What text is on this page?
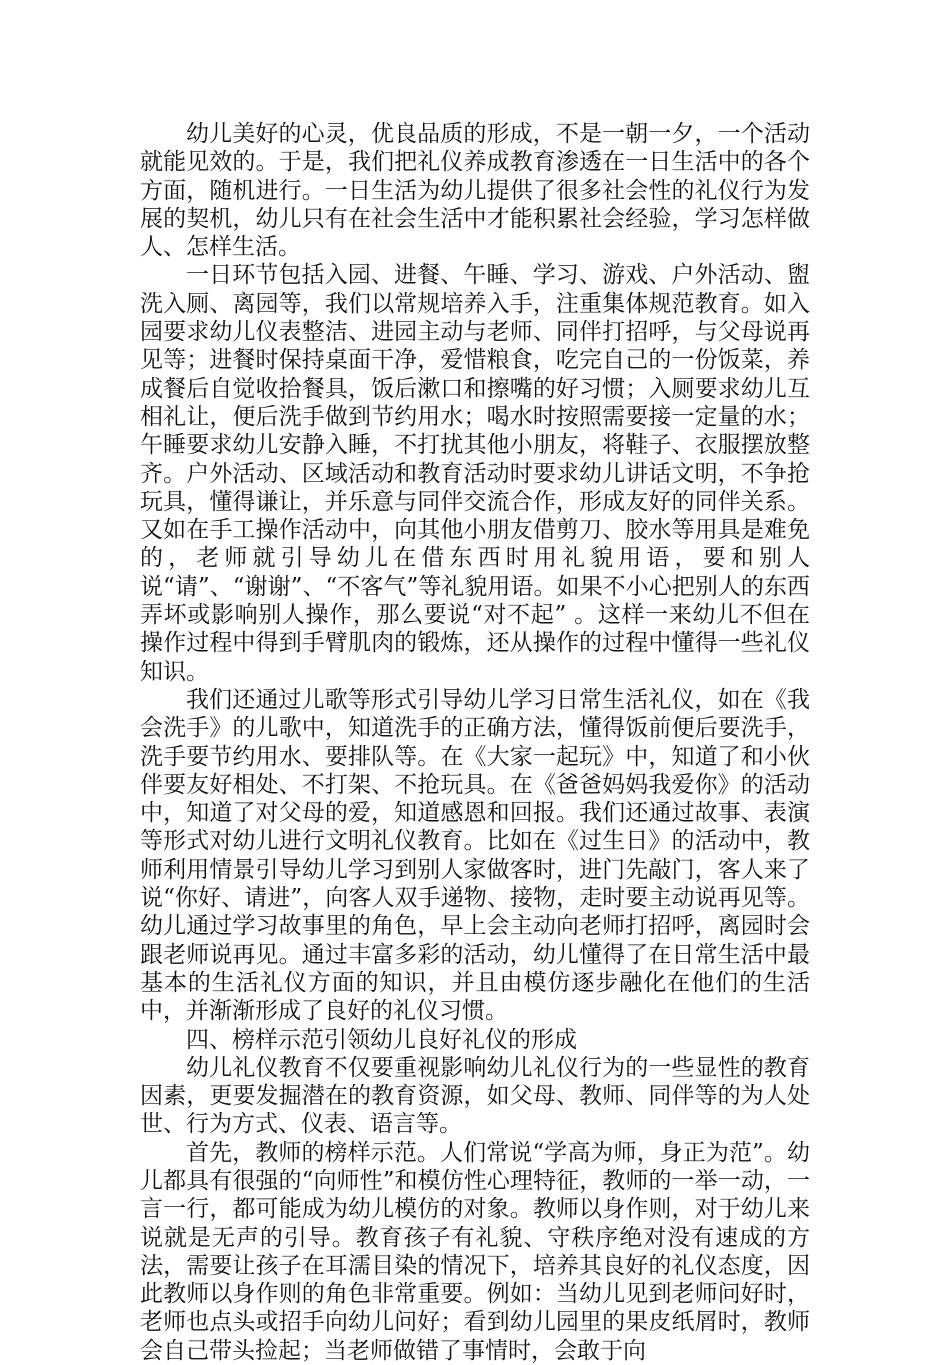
幼儿美好的心灵，优良品质的形成，不是一朝一夕，一个活动就能见效的。于是，我们把礼仪养成教育渗透在一日生活中的各个方面，随机进行。一日生活为幼儿提供了很多社会性的礼仪行为发展的契机，幼儿只有在社会生活中才能积累社会经验，学习怎样做人、怎样生活。

一日环节包括入园、进餐、午睡、学习、游戏、户外活动、盥洗入厕、离园等，我们以常规培养入手，注重集体规范教育。如入园要求幼儿仪表整洁、进园主动与老师、同伴打招呼，与父母说再见等；进餐时保持桌面干净，爱惜粮食，吃完自己的一份饭菜，养成餐后自觉收拾餐具，饭后漱口和擦嘴的好习惯；入厕要求幼儿互相礼让，便后洗手做到节约用水；喝水时按照需要接一定量的水；午睡要求幼儿安静入睡，不打扰其他小朋友，将鞋子、衣服摆放整齐。户外活动、区域活动和教育活动时要求幼儿讲话文明，不争抢玩具，懂得谦让，并乐意与同伴交流合作，形成友好的同伴关系。又如在手工操作活动中，向其他小朋友借剪刀、胶水等用具是难免的，老师就引导幼儿在借东西时用礼貌用语，要和别人说“请”、“谢谢”、“不客气”等礼貌用语。如果不小心把别人的东西弄坏或影响别人操作，那么要说“对不起” 。这样一来幼儿不但在操作过程中得到手臂肌肉的锻炼，还从操作的过程中懂得一些礼仪知识。

我们还通过儿歌等形式引导幼儿学习日常生活礼仪，如在《我会洗手》的儿歌中，知道洗手的正确方法，懂得饭前便后要洗手，洗手要节约用水、要排队等。在《大家一起玩》中，知道了和小伙伴要友好相处、不打架、不抢玩具。在《爸爸妈妈我爱你》的活动中，知道了对父母的爱，知道感恩和回报。我们还通过故事、表演等形式对幼儿进行文明礼仪教育。比如在《过生日》的活动中，教师利用情景引导幼儿学习到别人家做客时，进门先敲门，客人来了说“你好、请进”，向客人双手递物、接物，走时要主动说再见等。幼儿通过学习故事里的角色，早上会主动向老师打招呼，离园时会跟老师说再见。通过丰富多彩的活动，幼儿懂得了在日常生活中最基本的生活礼仪方面的知识，并且由模仿逐步融化在他们的生活中，并渐渐形成了良好的礼仪习惯。

四、榜样示范引领幼儿良好礼仪的形成

幼儿礼仪教育不仅要重视影响幼儿礼仪行为的一些显性的教育因素，更要发掘潜在的教育资源，如父母、教师、同伴等的为人处世、行为方式、仪表、语言等。

首先，教师的榜样示范。人们常说“学高为师，身正为范”。幼儿都具有很强的“向师性”和模仿性心理特征，教师的一举一动，一言一行，都可能成为幼儿模仿的对象。教师以身作则，对于幼儿来说就是无声的引导。教育孩子有礼貌、守秩序绝对没有速成的方法，需要让孩子在耳濡目染的情况下，培养其良好的礼仪态度，因此教师以身作则的角色非常重要。例如：当幼儿见到老师问好时，老师也点头或招手向幼儿问好；看到幼儿园里的果皮纸屑时，教师会自己带头捡起；当老师做错了事情时，会敢于向
